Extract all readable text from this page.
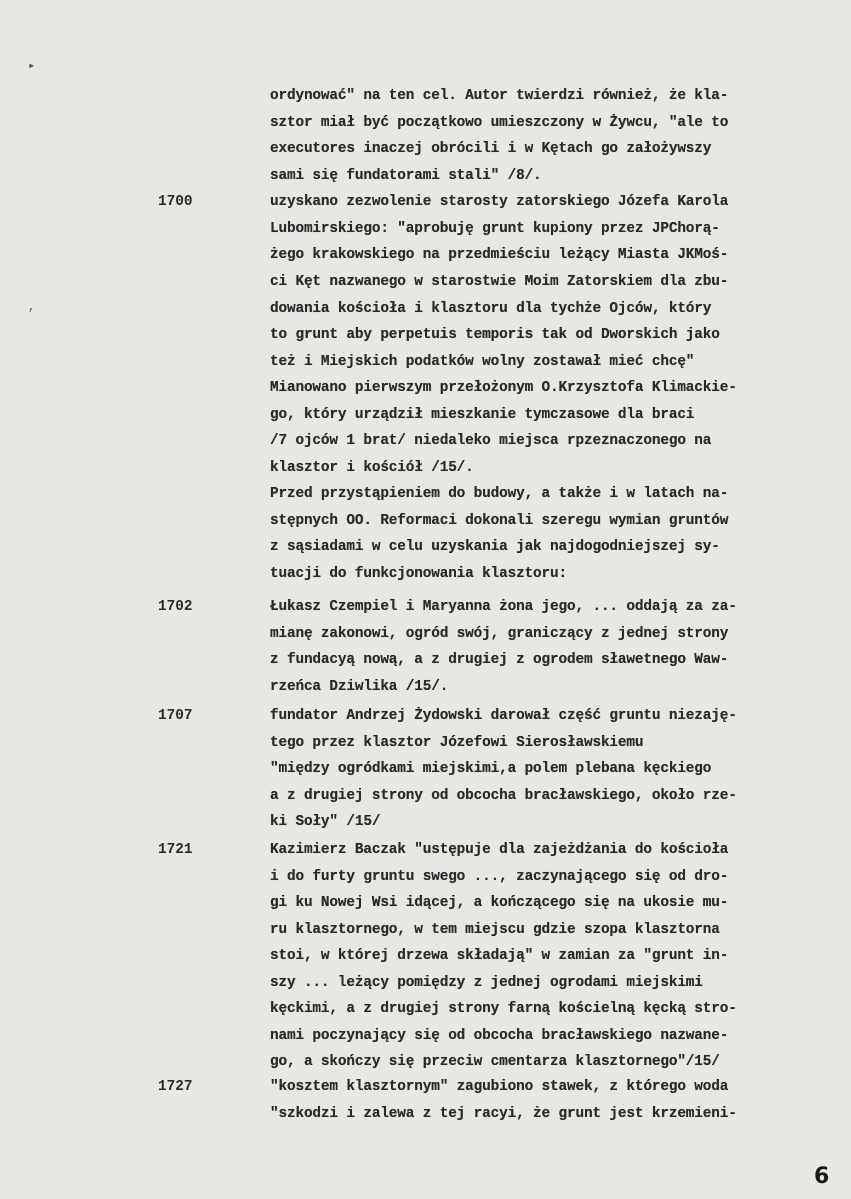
▸
,
1700
1702
1707
1721
1727
ordynować" na ten cel. Autor twierdzi również, że kla-
sztor miał być początkowo umieszczony w Żywcu, "ale to
executores inaczej obrócili i w Kętach go założywszy
sami się fundatorami stali" /8/.
uzyskano zezwolenie starosty zatorskiego Józefa Karola
Lubomirskiego: "aprobuję grunt kupiony przez JPChorą-
żego krakowskiego na przedmieściu leżący Miasta JKMoś-
ci Kęt nazwanego w starostwie Moim Zatorskiem dla zbu-
dowania kościoła i klasztoru dla tychże Ojców, który
to grunt aby perpetuis temporis tak od Dworskich jako
też i Miejskich podatków wolny zostawał mieć chcę"
Mianowano pierwszym przełożonym O.Krzysztofa Klimackie-
go, który urządził mieszkanie tymczasowe dla braci
/7 ojców 1 brat/ niedaleko miejsca rpzeznaczonego na
klasztor i kościół /15/.
Przed przystąpieniem do budowy, a także i w latach na-
stępnych OO. Reformaci dokonali szeregu wymian gruntów
z sąsiadami w celu uzyskania jak najdogodniejszej sy-
tuacji do funkcjonowania klasztoru:
Łukasz Czempiel i Maryanna żona jego, ... oddają za za-
mianę zakonowi, ogród swój, graniczący z jednej strony
z fundacyą nową, a z drugiej z ogrodem sławetnego Waw-
rzeńca Dziwlika /15/.
fundator Andrzej Żydowski darował część gruntu niezaję-
tego przez klasztor Józefowi Sierosławskiemu
"między ogródkami miejskimi,a polem plebana kęckiego
a z drugiej strony od obcocha bracławskiego, około rze-
ki Soły" /15/
Kazimierz Baczak "ustępuje dla zajeżdżania do kościoła
i do furty gruntu swego ..., zaczynającego się od dro-
gi ku Nowej Wsi idącej, a kończącego się na ukosie mu-
ru klasztornego, w tem miejscu gdzie szopa klasztorna
stoi, w której drzewa składają" w zamian za "grunt in-
szy ... leżący pomiędzy z jednej ogrodami miejskimi
kęckimi, a z drugiej strony farną kościelną kęcką stro-
nami poczynający się od obcocha bracławskiego nazwane-
go, a skończy się przeciw cmentarza klasztornego"/15/
"kosztem klasztornym" zagubiono stawek, z którego woda
"szkodzi i zalewa z tej racyi, że grunt jest krzemieni-
6
